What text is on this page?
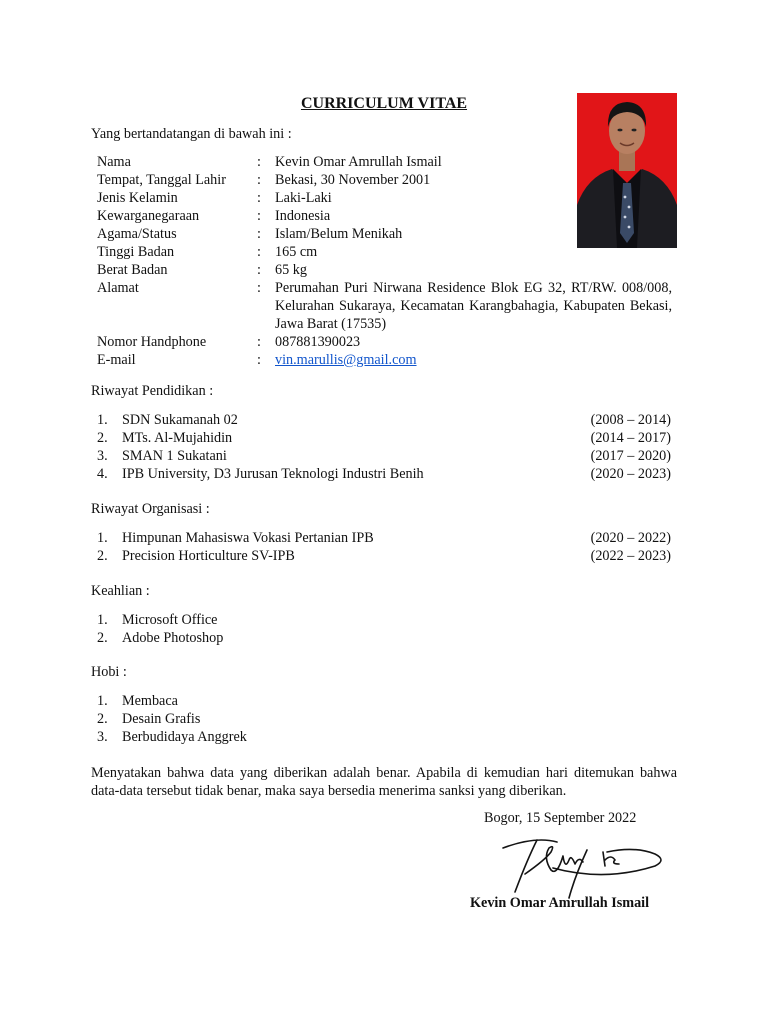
CURRICULUM VITAE
Yang bertandatangan di bawah ini :
Nama	: Kevin Omar Amrullah Ismail
Tempat, Tanggal Lahir	: Bekasi, 30 November 2001
Jenis Kelamin	: Laki-Laki
Kewarganegaraan	: Indonesia
Agama/Status	: Islam/Belum Menikah
Tinggi Badan	: 165 cm
Berat Badan	: 65 kg
Alamat	: Perumahan Puri Nirwana Residence Blok EG 32, RT/RW. 008/008, Kelurahan Sukaraya, Kecamatan Karangbahagia, Kabupaten Bekasi, Jawa Barat (17535)
Nomor Handphone	: 087881390023
E-mail	: vin.marullis@gmail.com
Riwayat Pendidikan :
1.	SDN Sukamanah 02	(2008 – 2014)
2.	MTs. Al-Mujahidin	(2014 – 2017)
3.	SMAN 1 Sukatani	(2017 – 2020)
4.	IPB University, D3 Jurusan Teknologi Industri Benih	(2020 – 2023)
Riwayat Organisasi :
1.	Himpunan Mahasiswa Vokasi Pertanian IPB	(2020 – 2022)
2.	Precision Horticulture SV-IPB	(2022 – 2023)
Keahlian :
1.	Microsoft Office
2.	Adobe Photoshop
Hobi :
1.	Membaca
2.	Desain Grafis
3.	Berbudidaya Anggrek
Menyatakan bahwa data yang diberikan adalah benar. Apabila di kemudian hari ditemukan bahwa data-data tersebut tidak benar, maka saya bersedia menerima sanksi yang diberikan.
Bogor, 15 September 2022
Kevin Omar Amrullah Ismail
